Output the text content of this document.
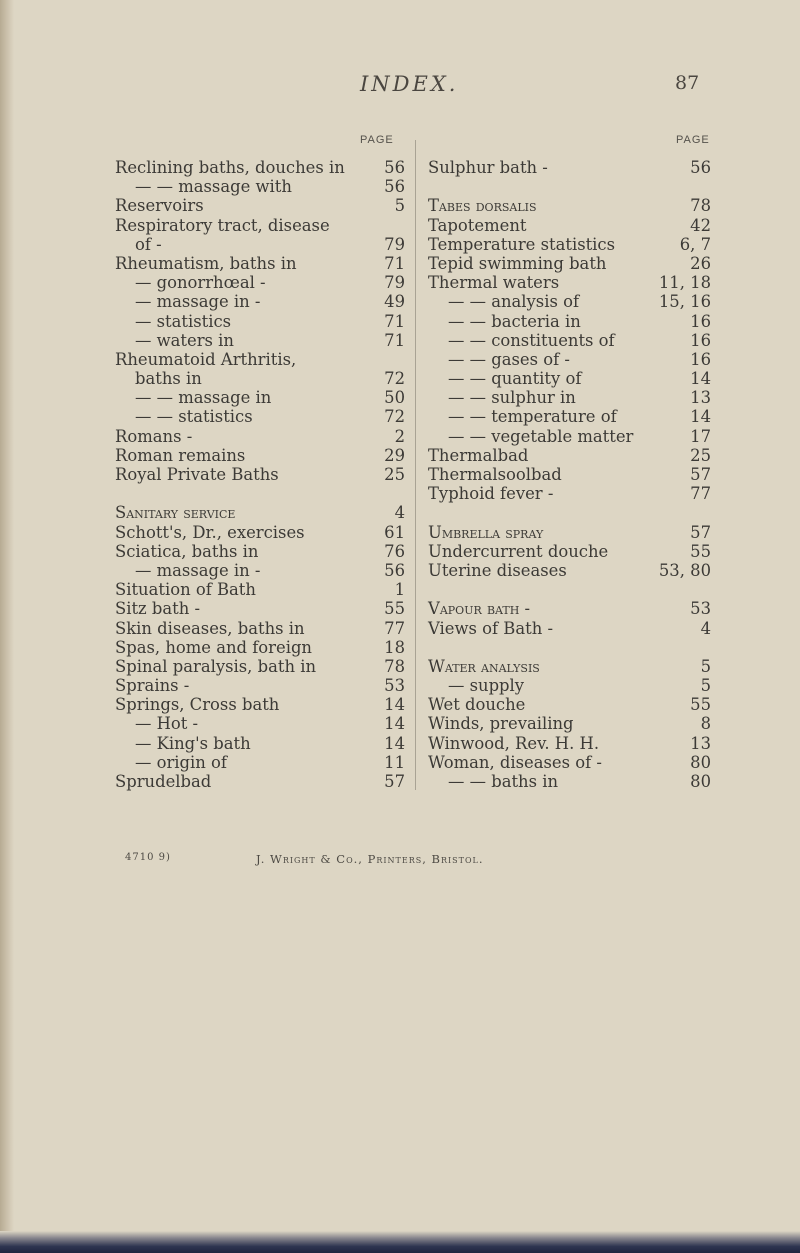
INDEX.	87
PAGE	PAGE
Reclining baths, douches in 56
— — massage with	56
Reservoirs	5
Respiratory tract, disease
of -	79
Rheumatism, baths in	71
— gonorrhœal -	79
— massage in -	49
— statistics	71
— waters in	71
Rheumatoid Arthritis,
baths in	72
— — massage in	50
— — statistics	72
Romans -	2
Roman remains	29
Royal Private Baths	25
Sanitary service	4
Schott's, Dr., exercises	61
Sciatica, baths in	76
— massage in -	56
Situation of Bath	1
Sitz bath -	55
Skin diseases, baths in	77
Spas, home and foreign	18
Spinal paralysis, bath in	78
Sprains -	53
Springs, Cross bath	14
— Hot -	14
— King's bath	14
— origin of	11
Sprudelbad	57
Sulphur bath -	56
Tabes dorsalis	78
Tapotement	42
Temperature statistics	6, 7
Tepid swimming bath	26
Thermal waters	11, 18
— — analysis of	15, 16
— — bacteria in	16
— — constituents of	16
— — gases of -	16
— — quantity of	14
— — sulphur in	13
— — temperature of	14
— — vegetable matter	17
Thermalbad	25
Thermalsoolbad	57
Typhoid fever -	77
Umbrella spray	57
Undercurrent douche	55
Uterine diseases	53, 80
Vapour bath -	53
Views of Bath -	4
Water analysis	5
— supply	5
Wet douche	55
Winds, prevailing	8
Winwood, Rev. H. H.	13
Woman, diseases of -	80
— — baths in	80
4710 9)	J. Wright & Co., Printers, Bristol.
